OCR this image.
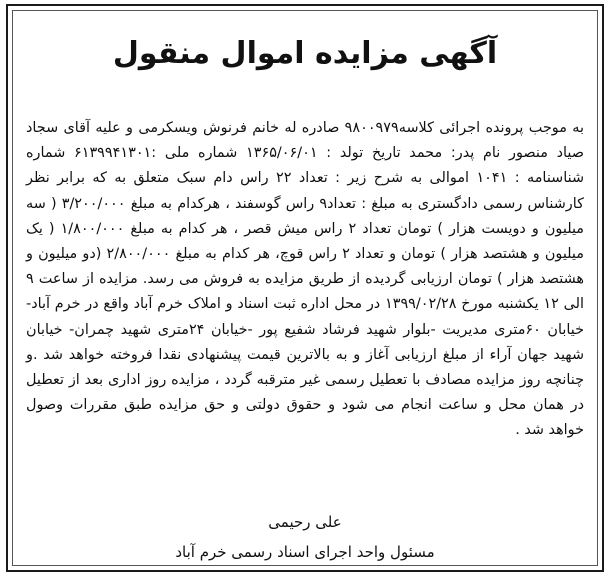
آگهی مزایده اموال منقول
به موجب پرونده اجرائی کلاسه۹۸۰۰۹۷۹ صادره له خانم فرنوش ویسکرمی و علیه آقای سجاد صیاد منصور نام پدر: محمد تاریخ تولد : ۱۳۶۵/۰۶/۰۱ شماره ملی :۶۱۳۹۹۴۱۳۰۱ شماره شناسنامه : ۱۰۴۱ اموالی به شرح زیر : تعداد ۲۲ راس دام سبک متعلق به که برابر نظر کارشناس رسمی دادگستری به مبلغ : تعداد۹ راس گوسفند ، هرکدام به مبلغ ۳/۲۰۰/۰۰۰ ( سه میلیون و دویست هزار ) تومان تعداد ۲ راس میش قصر ، هر کدام به مبلغ ۱/۸۰۰/۰۰۰ ( یک میلیون و هشتصد هزار ) تومان و تعداد ۲ راس قوچ، هر کدام به مبلغ ۲/۸۰۰/۰۰۰ (دو میلیون و هشتصد هزار ) تومان ارزیابی گردیده از طریق مزایده به فروش می رسد. مزایده از ساعت ۹ الی ۱۲ یکشنبه مورخ ۱۳۹۹/۰۲/۲۸ در محل اداره ثبت اسناد و املاک خرم آباد واقع در خرم آباد- خیابان ۶۰متری مدیریت -بلوار شهید فرشاد شفیع پور -خیابان ۲۴متری شهید چمران- خیابان شهید جهان آراء از مبلغ ارزیابی آغاز و به بالاترین قیمت پیشنهادی نقدا فروخته خواهد شد .و چنانچه روز مزایده مصادف با تعطیل رسمی غیر مترقبه گردد ، مزایده روز اداری بعد از تعطیل در همان محل و ساعت انجام می شود و حقوق دولتی و حق مزایده طبق مقررات وصول خواهد شد .
علی رحیمی
مسئول واحد اجرای اسناد رسمی خرم آباد
